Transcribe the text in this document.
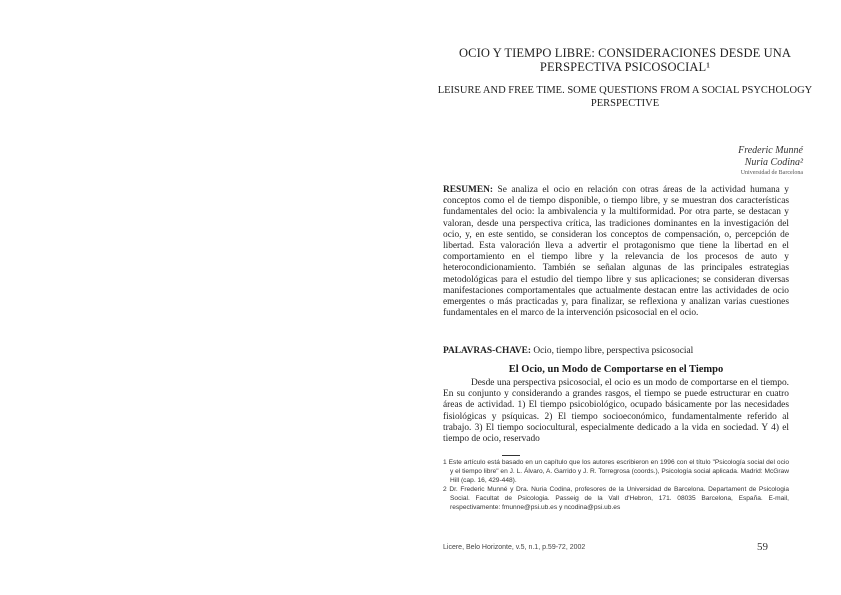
OCIO Y TIEMPO LIBRE: CONSIDERACIONES DESDE UNA PERSPECTIVA PSICOSOCIAL¹
LEISURE AND FREE TIME. SOME QUESTIONS FROM A SOCIAL PSYCHOLOGY PERSPECTIVE
Frederic Munné
Nuria Codina²
Universidad de Barcelona
RESUMEN: Se analiza el ocio en relación con otras áreas de la actividad humana y conceptos como el de tiempo disponible, o tiempo libre, y se muestran dos características fundamentales del ocio: la ambivalencia y la multiformidad. Por otra parte, se destacan y valoran, desde una perspectiva crítica, las tradiciones dominantes en la investigación del ocio, y, en este sentido, se consideran los conceptos de compensación, o, percepción de libertad. Esta valoración lleva a advertir el protagonismo que tiene la libertad en el comportamiento en el tiempo libre y la relevancia de los procesos de auto y heterocondicionamiento. También se señalan algunas de las principales estrategias metodológicas para el estudio del tiempo libre y sus aplicaciones; se consideran diversas manifestaciones comportamentales que actualmente destacan entre las actividades de ocio emergentes o más practicadas y, para finalizar, se reflexiona y analizan varias cuestiones fundamentales en el marco de la intervención psicosocial en el ocio.
PALAVRAS-CHAVE: Ocio, tiempo libre, perspectiva psicosocial
El Ocio, un Modo de Comportarse en el Tiempo
Desde una perspectiva psicosocial, el ocio es un modo de comportarse en el tiempo. En su conjunto y considerando a grandes rasgos, el tiempo se puede estructurar en cuatro áreas de actividad. 1) El tiempo psicobiológico, ocupado básicamente por las necesidades fisiológicas y psíquicas. 2) El tiempo socioeconómico, fundamentalmente referido al trabajo. 3) El tiempo sociocultural, especialmente dedicado a la vida en sociedad. Y 4) el tiempo de ocio, reservado
1 Este artículo está basado en un capítulo que los autores escribieron en 1996 con el título "Psicología social del ocio y el tiempo libre" en J. L. Álvaro, A. Garrido y J. R. Torregrosa (coords.), Psicología social aplicada. Madrid: McGraw Hill (cap. 16, 429-448).
2 Dr. Frederic Munné y Dra. Nuria Codina, profesores de la Universidad de Barcelona. Departament de Psicologia Social. Facultat de Psicologia. Passeig de la Vall d'Hebron, 171. 08035 Barcelona, España. E-mail, respectivamente: fmunne@psi.ub.es y ncodina@psi.ub.es
Licere, Belo Horizonte, v.5, n.1, p.59-72, 2002	59
